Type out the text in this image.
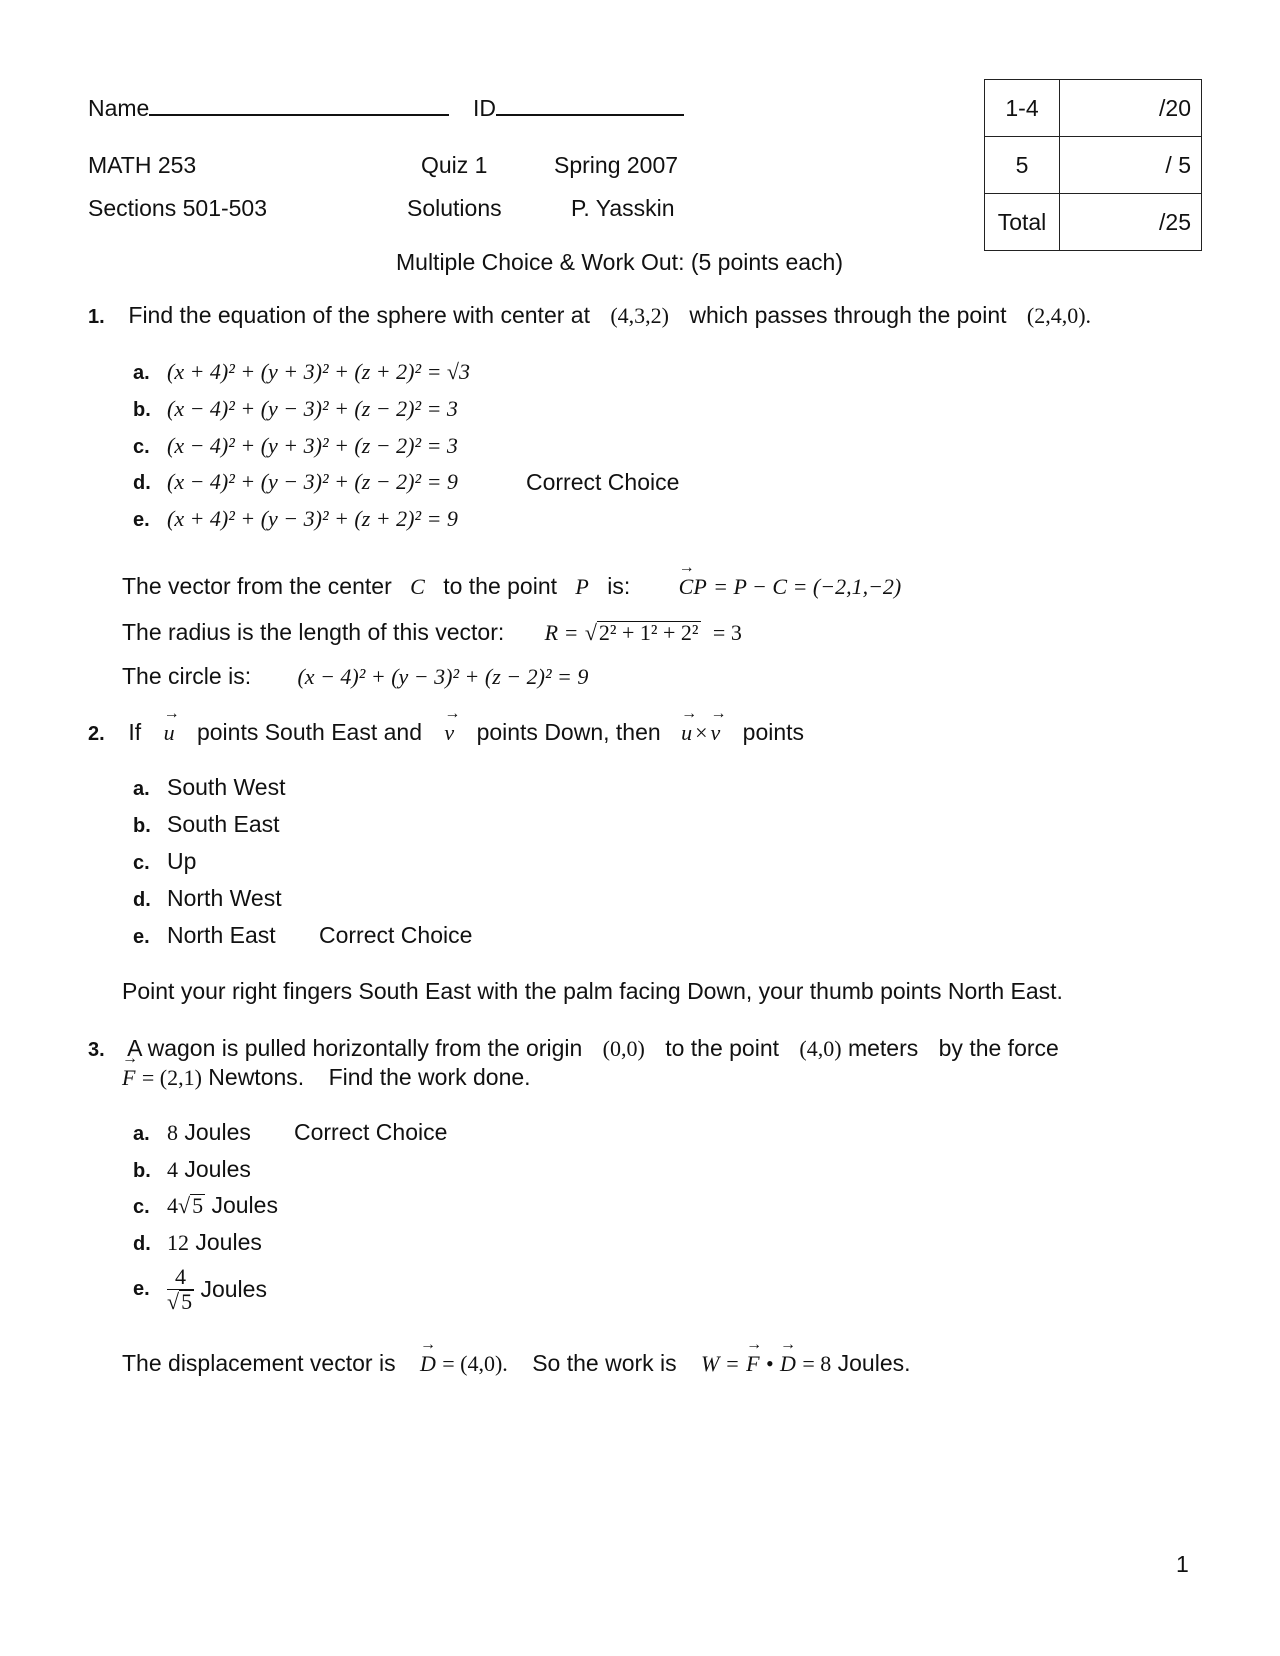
Name	ID
MATH 253	Quiz 1	Spring 2007
Sections 501-503	Solutions	P. Yasskin
1-4	/20
5	/ 5
Total	/25
Multiple Choice & Work Out: (5 points each)
1. Find the equation of the sphere with center at (4,3,2) which passes through the point (2,4,0).
a. (x + 4)² + (y + 3)² + (z + 2)² = √3
b. (x − 4)² + (y − 3)² + (z − 2)² = 3
c. (x − 4)² + (y + 3)² + (z − 2)² = 3
d. (x − 4)² + (y − 3)² + (z − 2)² = 9	Correct Choice
e. (x + 4)² + (y − 3)² + (z + 2)² = 9
The vector from the center C to the point P is: → CP = P − C = (−2,1,−2)
The radius is the length of this vector: R = √2² + 1² + 2² = 3
The circle is: (x − 4)² + (y − 3)² + (z − 2)² = 9
2. If → u points South East and → v points Down, then → u × → v points
a. South West
b. South East
c. Up
d. North West
e. North East Correct Choice
Point your right fingers South East with the palm facing Down, your thumb points North East.
3. A wagon is pulled horizontally from the origin (0,0) to the point (4,0) meters by the force
→ F = (2,1) Newtons. Find the work done.
a. 8 Joules Correct Choice
b. 4 Joules
c. 4√5 Joules
d. 12 Joules
e. $\frac{4}{√5}$ Joules
The displacement vector is → D = (4,0). So the work is W = → F • → D = 8 Joules.
1
